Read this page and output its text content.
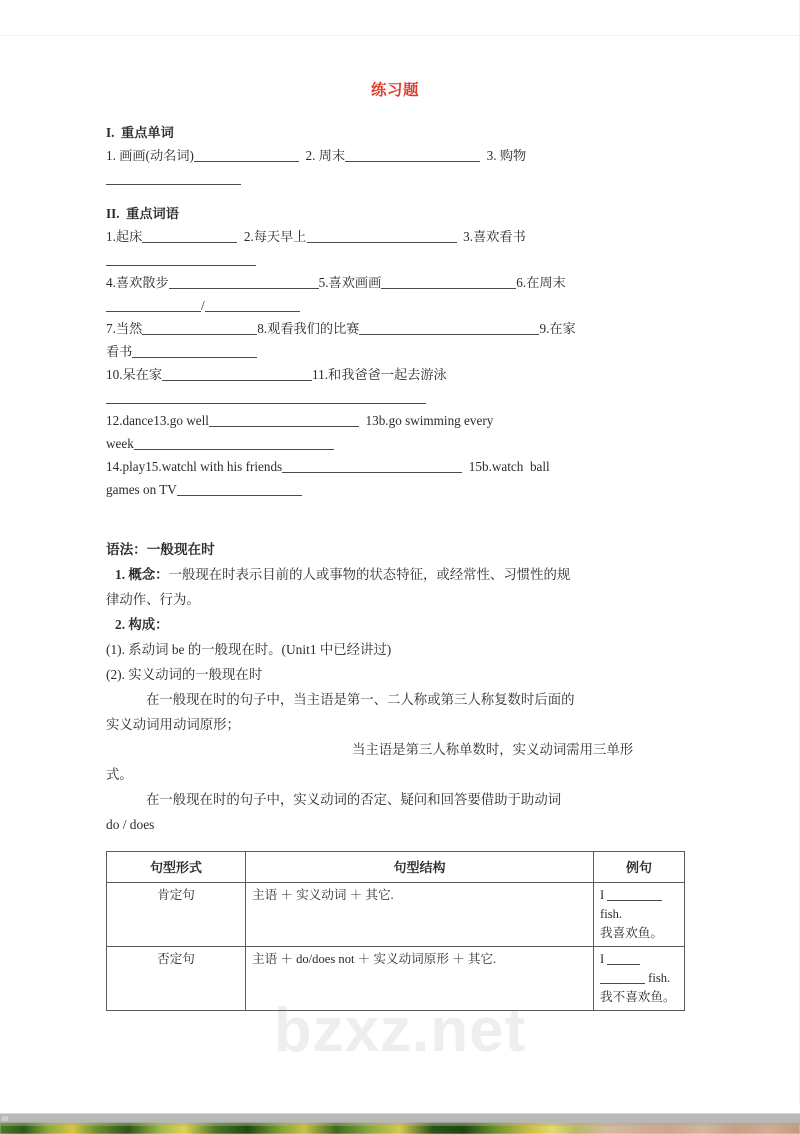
bzxz.net
练习题

I. 重点单词

1. 画画(动名词)	2. 周末	3. 购物

II. 重点词语

1.起床	2.每天早上	3.喜欢看书

4.喜欢散步	5.喜欢画画	6.在周末

/

7.当然	8.观看我们的比赛	9.在家

看书

10.呆在家	11.和我爸爸一起去游泳

12.dance13.go well	13b.go swimming every

week

14.play15.watchl with his friends	15b.watch  ball

games on TV

语法：一般现在时

1. 概念：一般现在时表示目前的人或事物的状态特征，或经常性、习惯性的规

律动作、行为。

2. 构成：

(1). 系动词 be 的一般现在时。(Unit1 中已经讲过)

(2). 实义动词的一般现在时

在一般现在时的句子中，当主语是第一、二人称或第三人称复数时后面的

实义动词用动词原形；

当主语是第三人称单数时，实义动词需用三单形

式。

在一般现在时的句子中，实义动词的否定、疑问和回答要借助于助动词

do / does

句型形式	句型结构	例句
肯定句	主语 ＋ 实义动词 ＋ 其它.	I  fish.
我喜欢鱼。
否定句	主语 ＋ do/does not ＋ 实义动词原形 ＋ 其它.	I   fish.
我不喜欢鱼。
